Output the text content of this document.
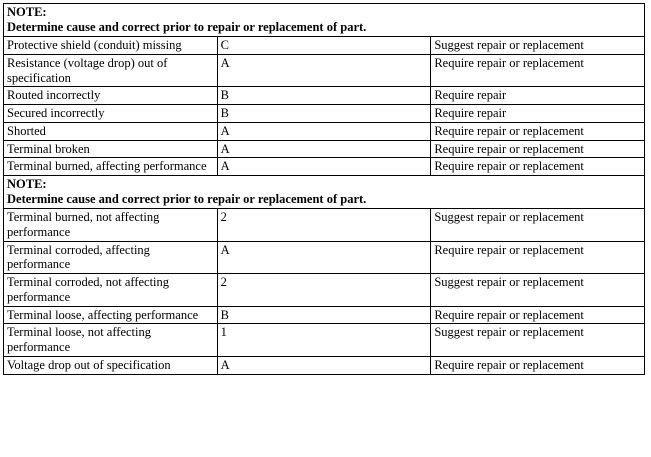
NOTE:
Determine cause and correct prior to repair or replacement of part.		

Protective shield (conduit) missing	C	Suggest repair or replacement
Resistance (voltage drop) out of specification	A	Require repair or replacement
Routed incorrectly	B	Require repair
Secured incorrectly	B	Require repair
Shorted	A	Require repair or replacement
Terminal broken	A	Require repair or replacement
Terminal burned, affecting performance	A	Require repair or replacement

NOTE:
Determine cause and correct prior to repair or replacement of part.		

Terminal burned, not affecting performance	2	Suggest repair or replacement
Terminal corroded, affecting performance	A	Require repair or replacement
Terminal corroded, not affecting performance	2	Suggest repair or replacement
Terminal loose, affecting performance	B	Require repair or replacement
Terminal loose, not affecting performance	1	Suggest repair or replacement
Voltage drop out of specification	A	Require repair or replacement
